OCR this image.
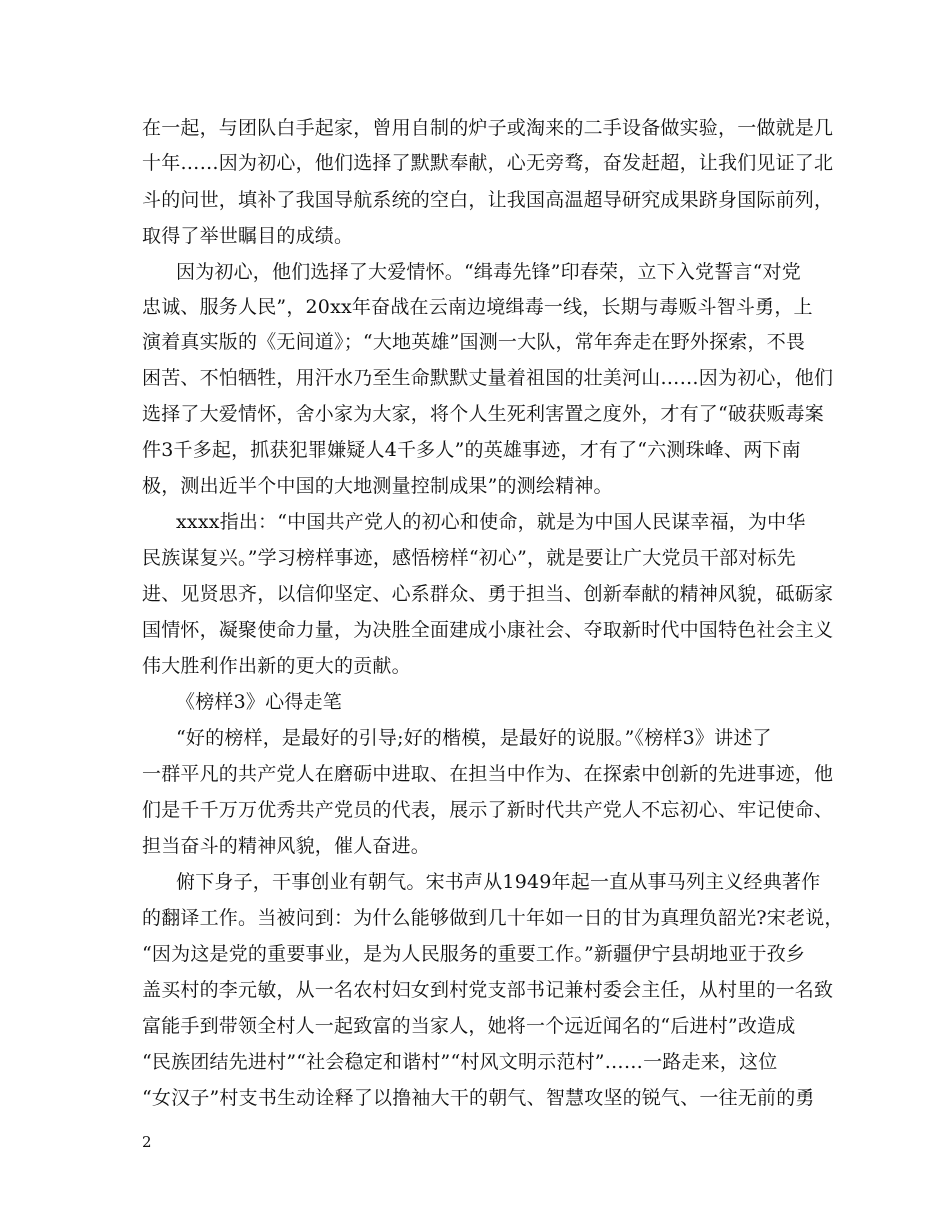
在一起，与团队白手起家，曾用自制的炉子或淘来的二手设备做实验，一做就是几
十年……因为初心，他们选择了默默奉献，心无旁骛，奋发赶超，让我们见证了北
斗的问世，填补了我国导航系统的空白，让我国高温超导研究成果跻身国际前列，
取得了举世瞩目的成绩。
因为初心，他们选择了大爱情怀。“缉毒先锋”印春荣，立下入党誓言“对党
忠诚、服务人民”，20xx年奋战在云南边境缉毒一线，长期与毒贩斗智斗勇，上
演着真实版的《无间道》；“大地英雄”国测一大队，常年奔走在野外探索，不畏
困苦、不怕牺牲，用汗水乃至生命默默丈量着祖国的壮美河山……因为初心，他们
选择了大爱情怀，舍小家为大家，将个人生死利害置之度外，才有了“破获贩毒案
件3千多起，抓获犯罪嫌疑人4千多人”的英雄事迹，才有了“六测珠峰、两下南
极，测出近半个中国的大地测量控制成果”的测绘精神。
xxxx指出：“中国共产党人的初心和使命，就是为中国人民谋幸福，为中华
民族谋复兴。”学习榜样事迹，感悟榜样“初心”，就是要让广大党员干部对标先
进、见贤思齐，以信仰坚定、心系群众、勇于担当、创新奉献的精神风貌，砥砺家
国情怀，凝聚使命力量，为决胜全面建成小康社会、夺取新时代中国特色社会主义
伟大胜利作出新的更大的贡献。
《榜样3》心得走笔
“好的榜样，是最好的引导;好的楷模，是最好的说服。”《榜样3》讲述了
一群平凡的共产党人在磨砺中进取、在担当中作为、在探索中创新的先进事迹，他
们是千千万万优秀共产党员的代表，展示了新时代共产党人不忘初心、牢记使命、
担当奋斗的精神风貌，催人奋进。
俯下身子，干事创业有朝气。宋书声从1949年起一直从事马列主义经典著作
的翻译工作。当被问到：为什么能够做到几十年如一日的甘为真理负韶光?宋老说，
“因为这是党的重要事业，是为人民服务的重要工作。”新疆伊宁县胡地亚于孜乡
盖买村的李元敏，从一名农村妇女到村党支部书记兼村委会主任，从村里的一名致
富能手到带领全村人一起致富的当家人，她将一个远近闻名的“后进村”改造成
“民族团结先进村”“社会稳定和谐村”“村风文明示范村”……一路走来，这位
“女汉子”村支书生动诠释了以撸袖大干的朝气、智慧攻坚的锐气、一往无前的勇
2
